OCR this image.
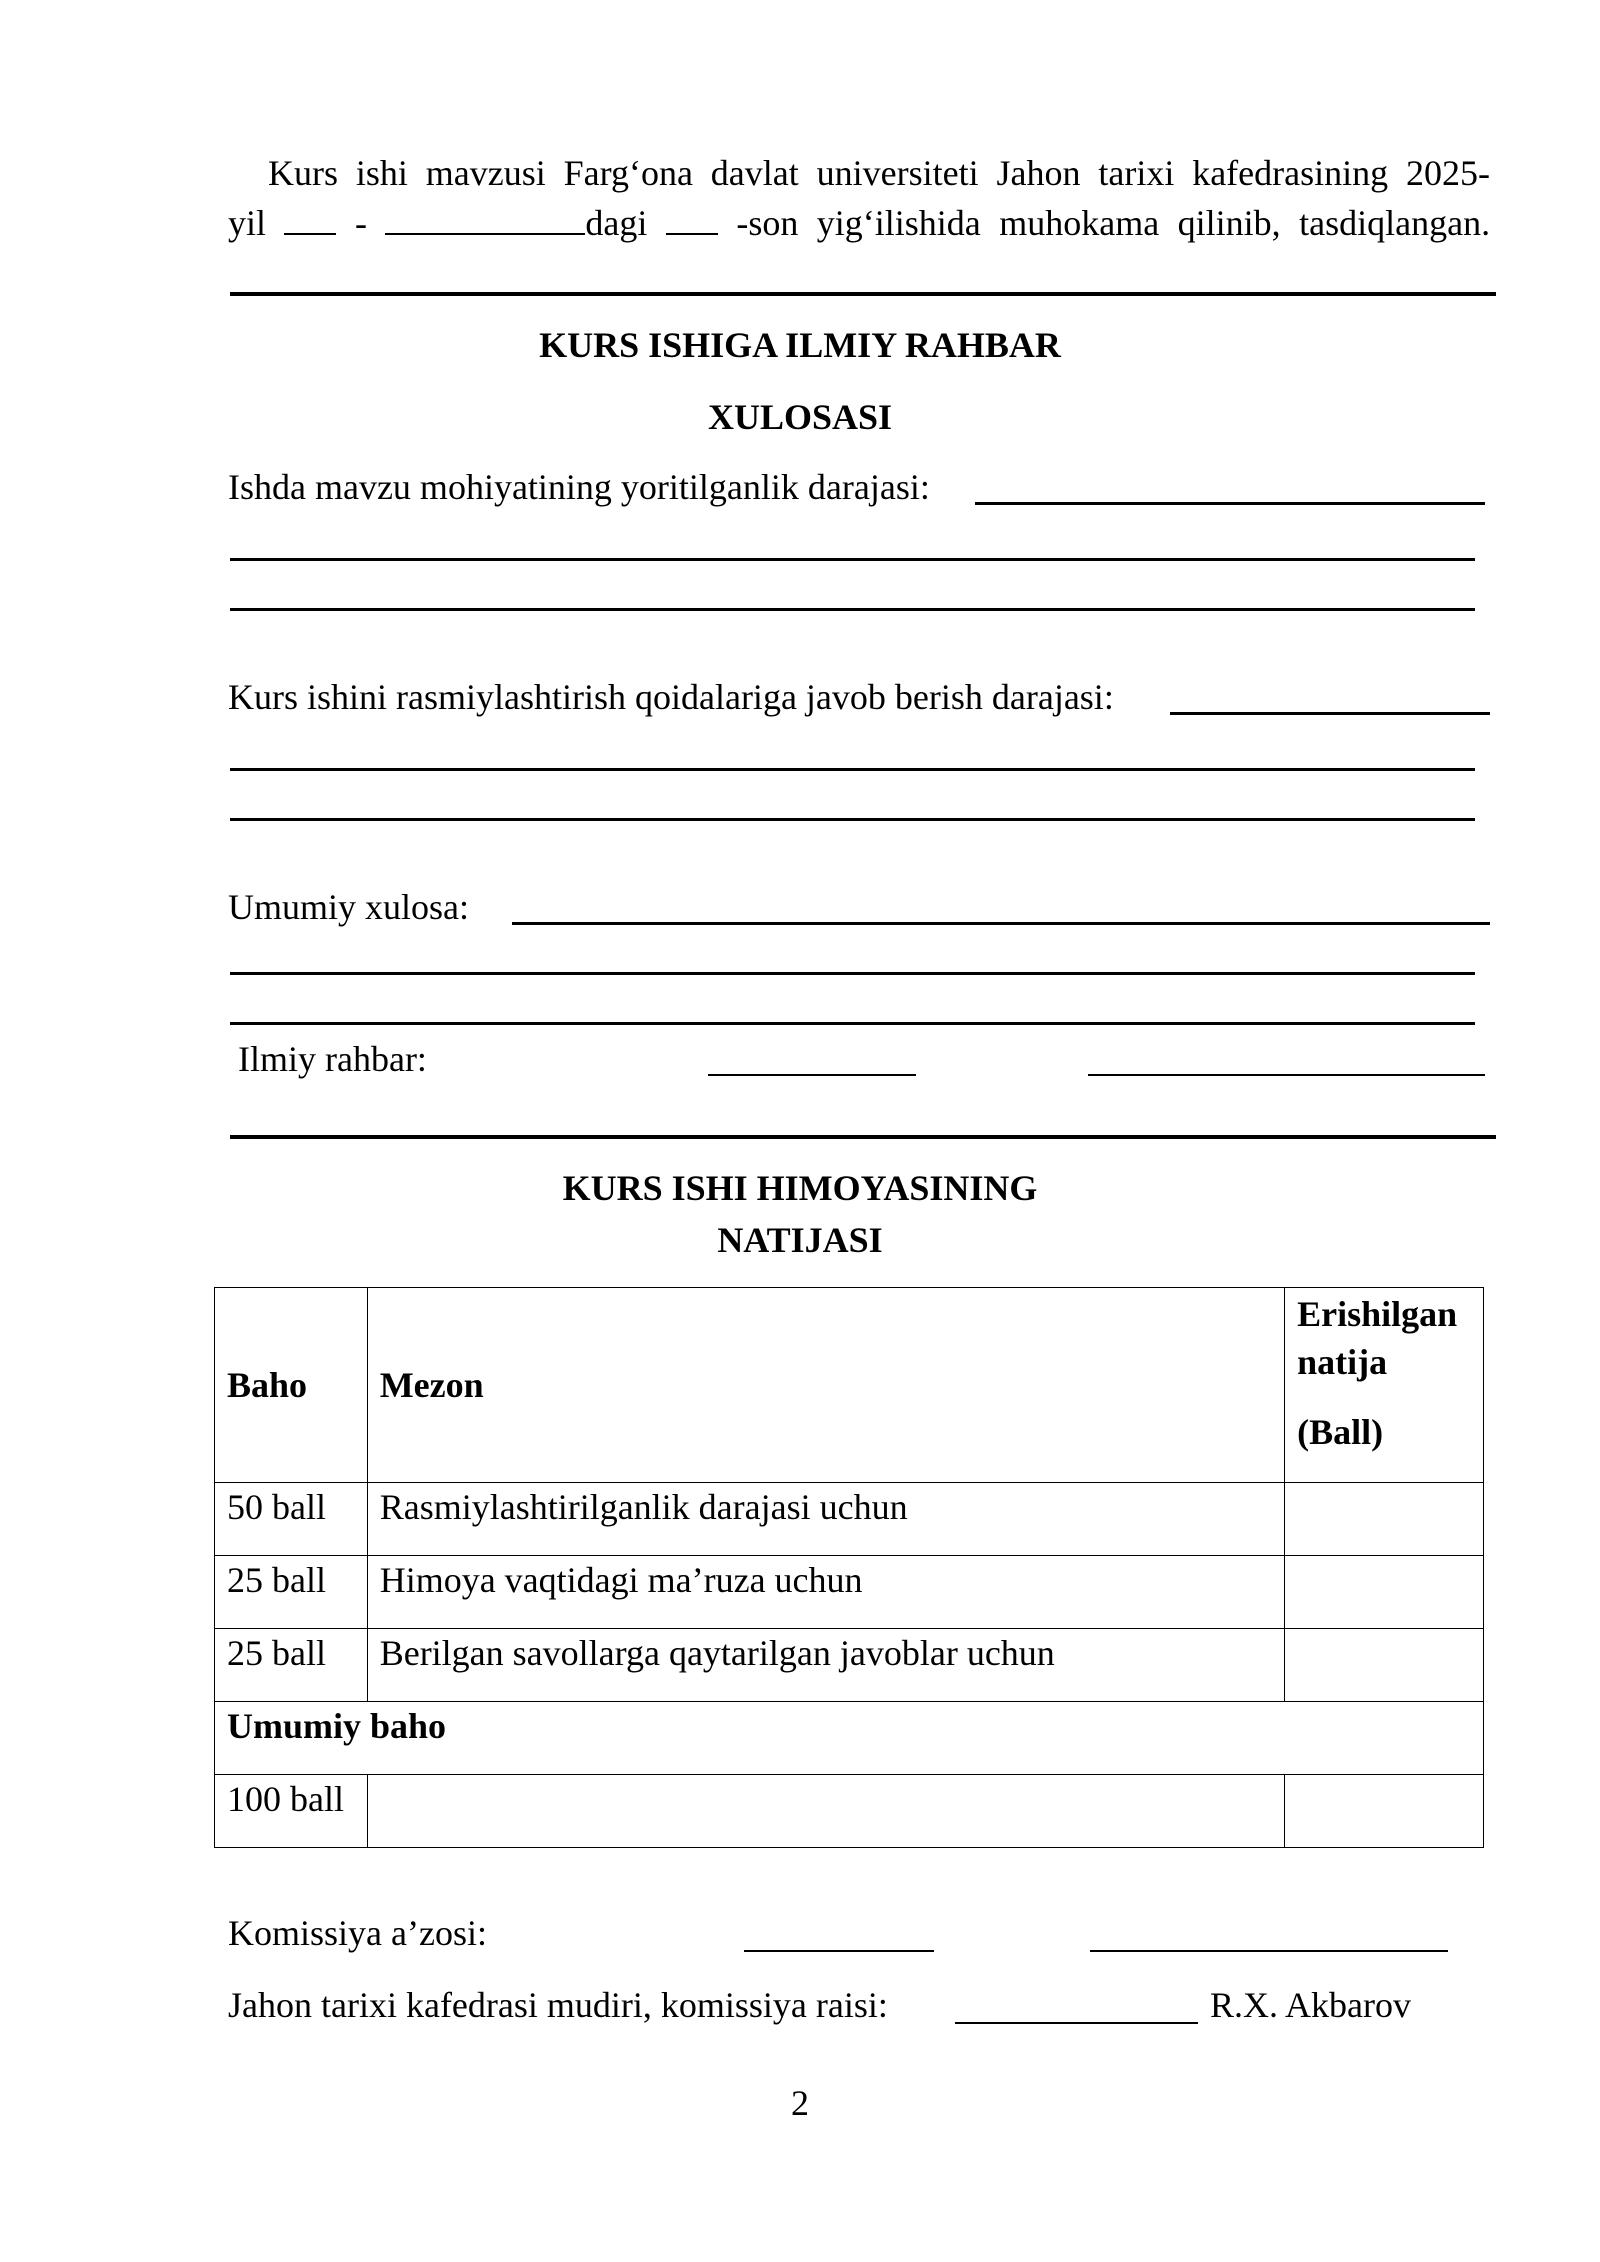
Kurs ishi mavzusi Farg‘ona davlat universiteti Jahon tarixi kafedrasining 2025-
yil -	dagi -son yig‘ilishida muhokama qilinib, tasdiqlangan.
KURS ISHIGA ILMIY RAHBAR
XULOSASI
Ishda mavzu mohiyatining yoritilganlik darajasi:
Kurs ishini rasmiylashtirish qoidalariga javob berish darajasi:
Umumiy xulosa:
Ilmiy rahbar:
KURS ISHI HIMOYASINING
NATIJASI
Baho	Mezon	Erishilgan
natija
(Ball)

50 ball	Rasmiylashtirilganlik darajasi uchun	
25 ball	Himoya vaqtidagi ma’ruza uchun	
25 ball	Berilgan savollarga qaytarilgan javoblar uchun	
Umumiy baho		
100 ball		
Komissiya a’zosi:
Jahon tarixi kafedrasi mudiri, komissiya raisi:	R.X. Akbarov
2
